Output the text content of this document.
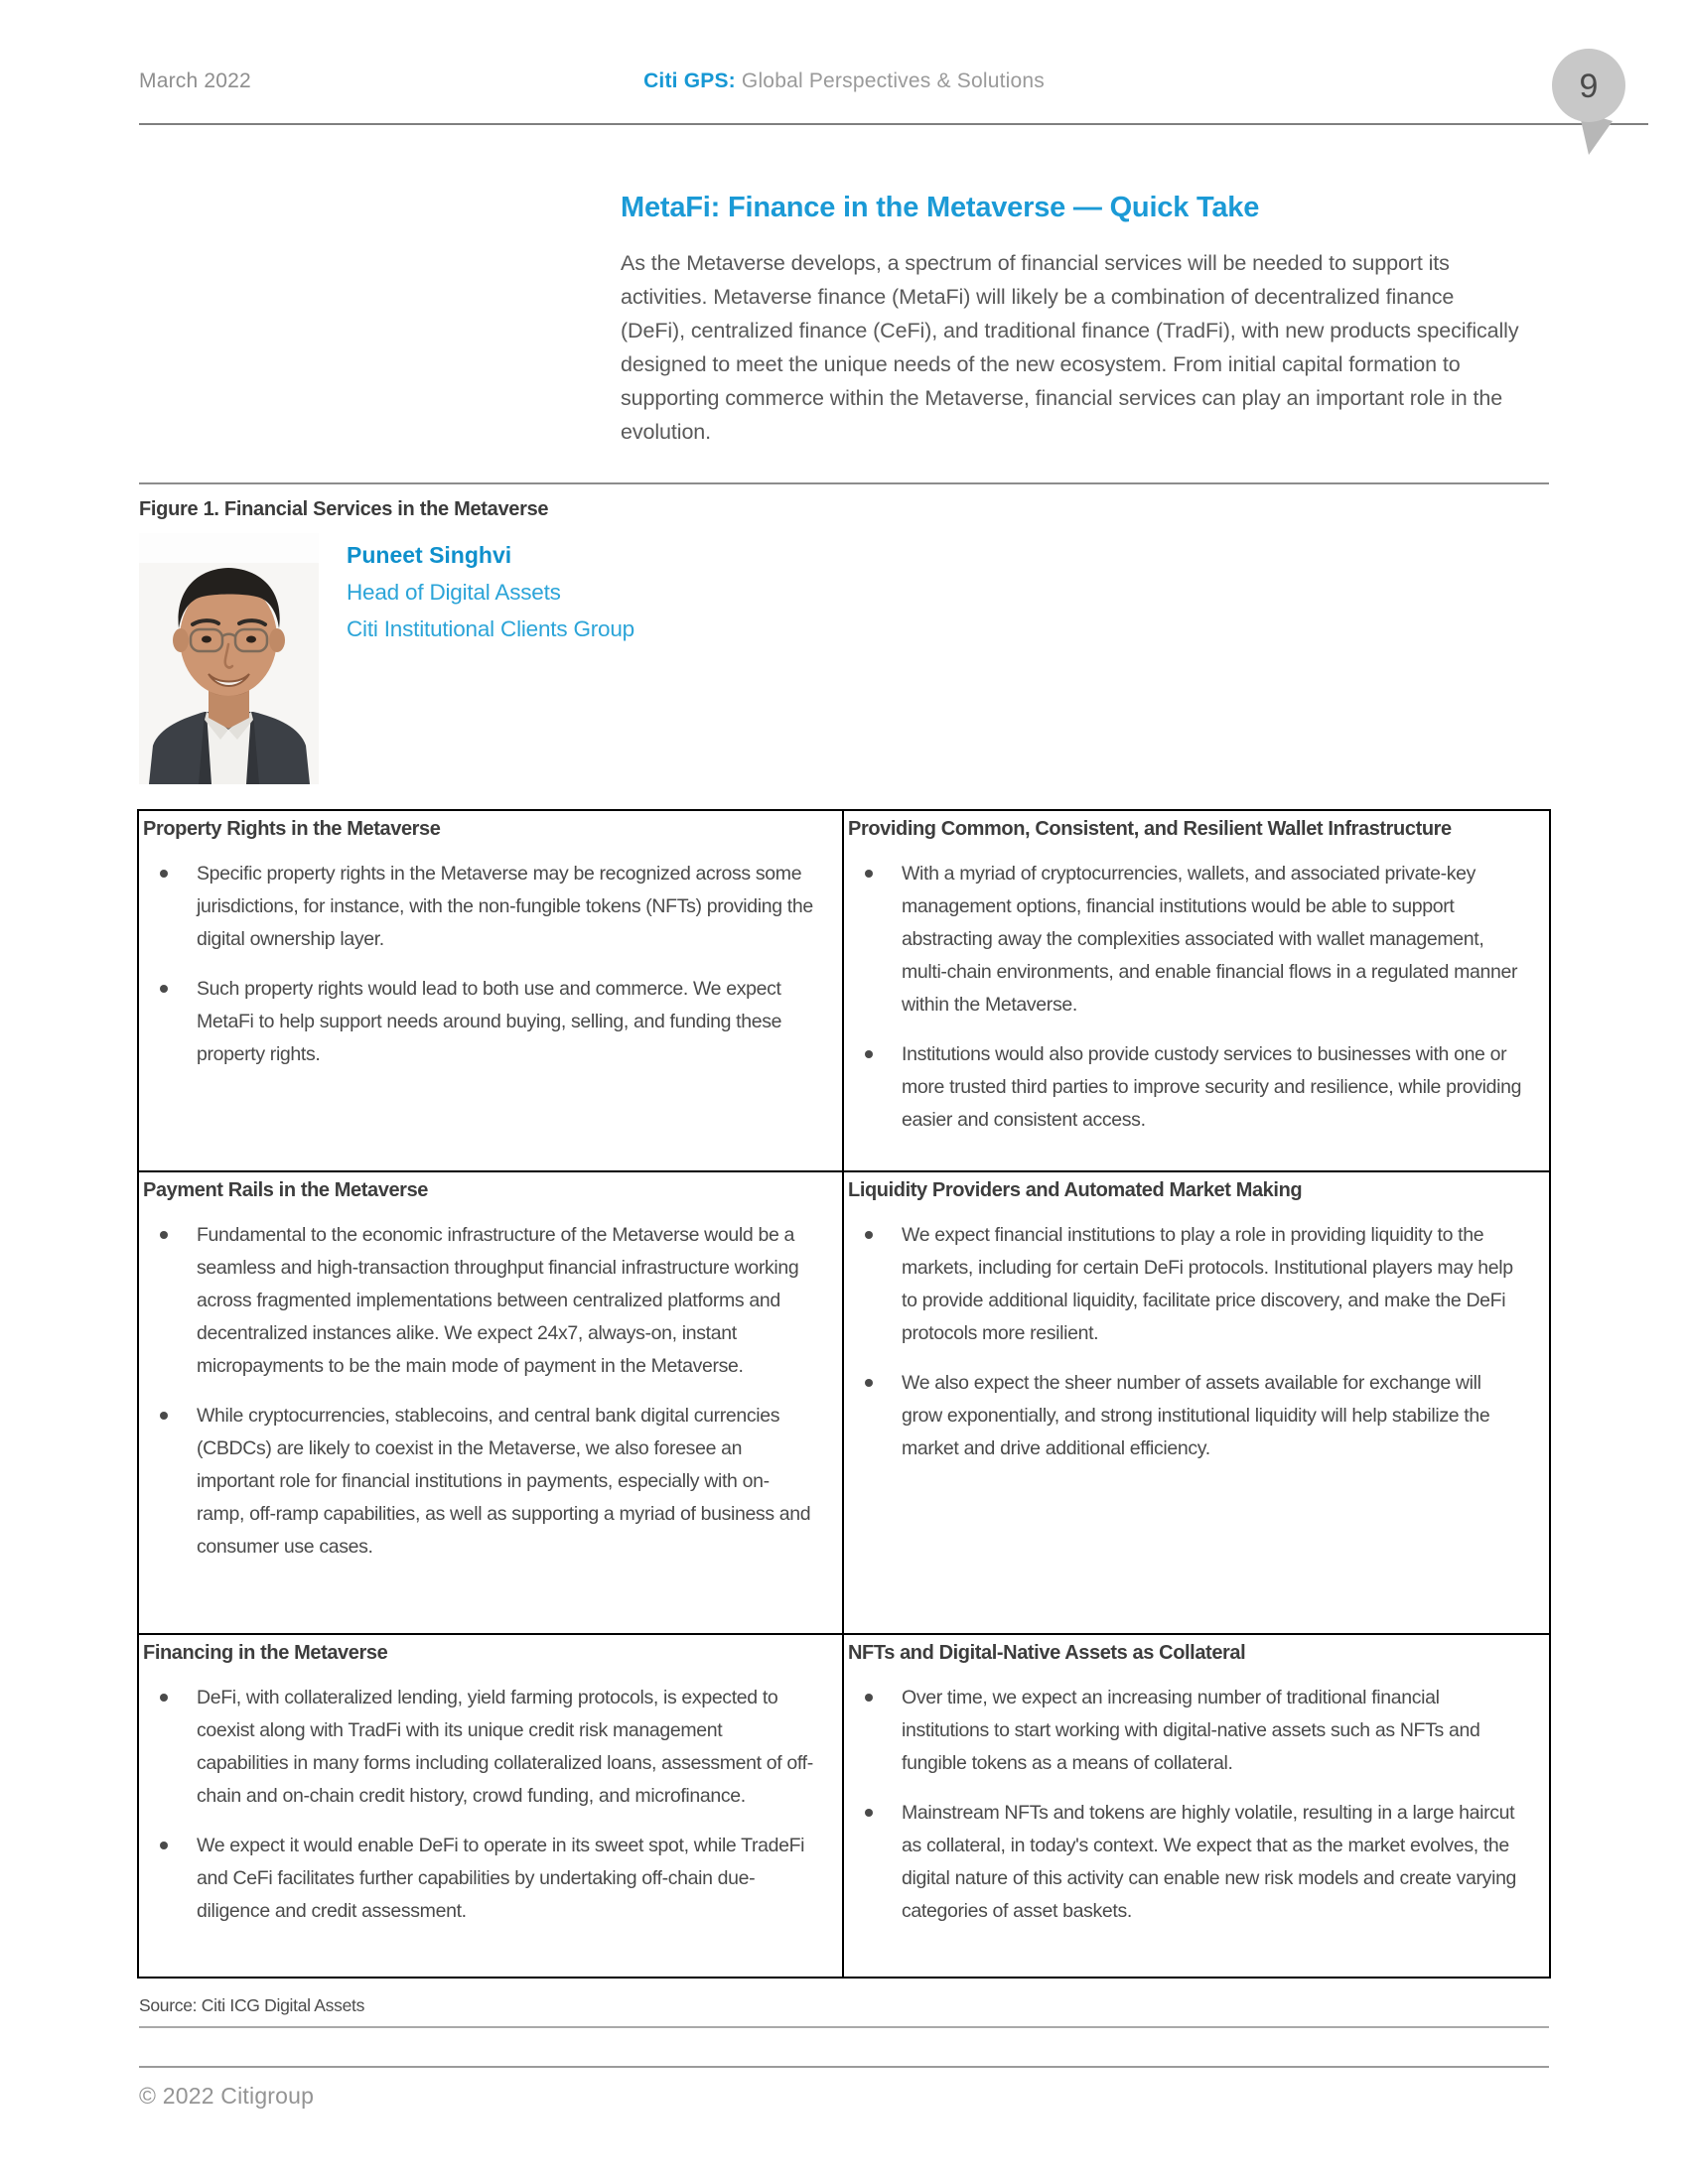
March 2022	Citi GPS: Global Perspectives & Solutions	9
MetaFi: Finance in the Metaverse — Quick Take
As the Metaverse develops, a spectrum of financial services will be needed to support its activities. Metaverse finance (MetaFi) will likely be a combination of decentralized finance (DeFi), centralized finance (CeFi), and traditional finance (TradFi), with new products specifically designed to meet the unique needs of the new ecosystem. From initial capital formation to supporting commerce within the Metaverse, financial services can play an important role in the evolution.
Figure 1. Financial Services in the Metaverse
Puneet Singhvi
Head of Digital Assets
Citi Institutional Clients Group
Property Rights in the Metaverse
Specific property rights in the Metaverse may be recognized across some jurisdictions, for instance, with the non-fungible tokens (NFTs) providing the digital ownership layer.
Such property rights would lead to both use and commerce. We expect MetaFi to help support needs around buying, selling, and funding these property rights.
Providing Common, Consistent, and Resilient Wallet Infrastructure
With a myriad of cryptocurrencies, wallets, and associated private-key management options, financial institutions would be able to support abstracting away the complexities associated with wallet management, multi-chain environments, and enable financial flows in a regulated manner within the Metaverse.
Institutions would also provide custody services to businesses with one or more trusted third parties to improve security and resilience, while providing easier and consistent access.
Payment Rails in the Metaverse
Fundamental to the economic infrastructure of the Metaverse would be a seamless and high-transaction throughput financial infrastructure working across fragmented implementations between centralized platforms and decentralized instances alike. We expect 24x7, always-on, instant micropayments to be the main mode of payment in the Metaverse.
While cryptocurrencies, stablecoins, and central bank digital currencies (CBDCs) are likely to coexist in the Metaverse, we also foresee an important role for financial institutions in payments, especially with on-ramp, off-ramp capabilities, as well as supporting a myriad of business and consumer use cases.
Liquidity Providers and Automated Market Making
We expect financial institutions to play a role in providing liquidity to the markets, including for certain DeFi protocols. Institutional players may help to provide additional liquidity, facilitate price discovery, and make the DeFi protocols more resilient.
We also expect the sheer number of assets available for exchange will grow exponentially, and strong institutional liquidity will help stabilize the market and drive additional efficiency.
Financing in the Metaverse
DeFi, with collateralized lending, yield farming protocols, is expected to coexist along with TradFi with its unique credit risk management capabilities in many forms including collateralized loans, assessment of off-chain and on-chain credit history, crowd funding, and microfinance.
We expect it would enable DeFi to operate in its sweet spot, while TradeFi and CeFi facilitates further capabilities by undertaking off-chain due-diligence and credit assessment.
NFTs and Digital-Native Assets as Collateral
Over time, we expect an increasing number of traditional financial institutions to start working with digital-native assets such as NFTs and fungible tokens as a means of collateral.
Mainstream NFTs and tokens are highly volatile, resulting in a large haircut as collateral, in today's context. We expect that as the market evolves, the digital nature of this activity can enable new risk models and create varying categories of asset baskets.
Source: Citi ICG Digital Assets
© 2022 Citigroup
